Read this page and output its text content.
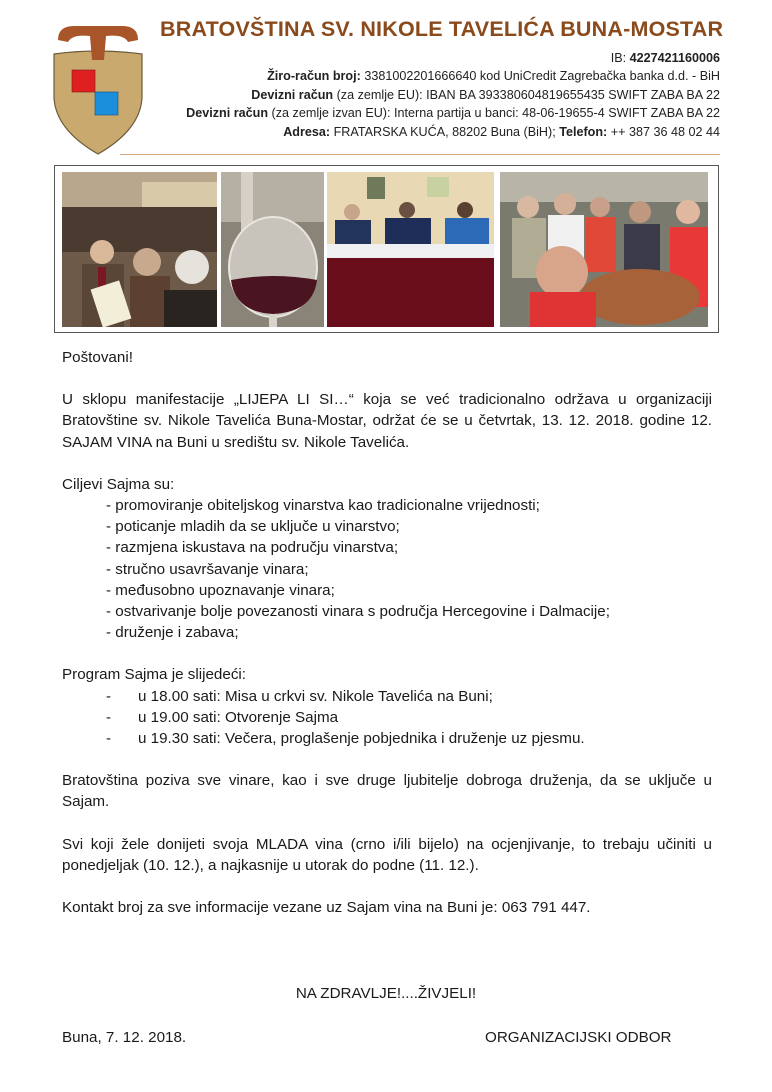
BRATOVŠTINA SV. NIKOLE TAVELIĆA BUNA-MOSTAR
IB: 4227421160006
Žiro-račun broj: 3381002201666640 kod UniCredit Zagrebačka banka d.d. - BiH
Devizni račun (za zemlje EU): IBAN BA 393380604819655435 SWIFT ZABA BA 22
Devizni račun (za zemlje izvan EU): Interna partija u banci: 48-06-19655-4 SWIFT ZABA BA 22
Adresa: FRATARSKA KUĆA, 88202 Buna (BiH); Telefon: ++ 387 36 48 02 44

Poštovani!

U sklopu manifestacije „LIJEPA LI SI…“ koja se već tradicionalno održava u organizaciji Bratovštine sv. Nikole Tavelića Buna-Mostar, održat će se u četvrtak, 13. 12. 2018. godine 12. SAJAM VINA na Buni u središtu sv. Nikole Tavelića.

Ciljevi Sajma su:

- promoviranje obiteljskog vinarstva kao tradicionalne vrijednosti;

- poticanje mladih da se uključe u vinarstvo;

- razmjena iskustava na području vinarstva;

- stručno usavršavanje vinara;

- međusobno upoznavanje vinara;

- ostvarivanje bolje povezanosti vinara s područja Hercegovine i Dalmacije;

- druženje i zabava;

Program Sajma je slijedeći:

-	u 18.00 sati: Misa u crkvi sv. Nikole Tavelića na Buni;
-	u 19.00 sati: Otvorenje Sajma
-	u 19.30 sati: Večera, proglašenje pobjednika i druženje uz pjesmu.

Bratovština poziva sve vinare, kao i sve druge ljubitelje dobroga druženja, da se uključe u Sajam.

Svi koji žele donijeti svoja MLADA vina (crno i/ili bijelo) na ocjenjivanje, to trebaju učiniti u ponedjeljak (10. 12.), a najkasnije u utorak do podne (11. 12.).

Kontakt broj za sve informacije vezane uz Sajam vina na Buni je: 063 791 447.

NA ZDRAVLJE!....ŽIVJELI!
Buna, 7. 12. 2018.	ORGANIZACIJSKI ODBOR
